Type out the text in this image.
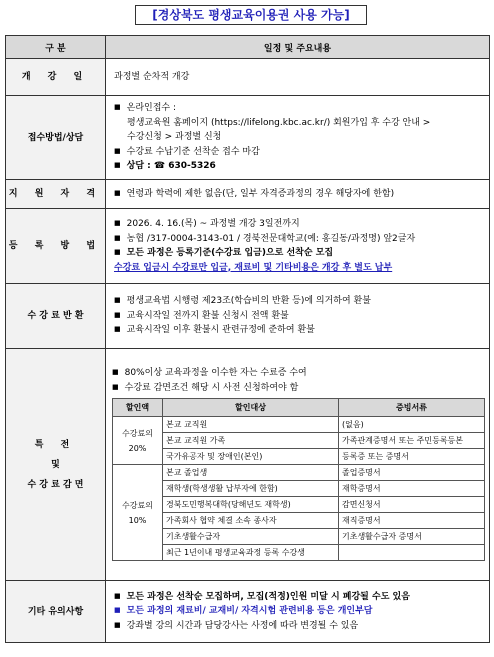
[경상북도 평생교육이용권 사용 가능]
구 분	일정 및 주요내용
개 강 일	과정별 순차적 개강

접수방법/상담	
■ 온라인접수 :
평생교육원 홈페이지 (https://lifelong.kbc.ac.kr/) 회원가입 후 수강 안내 >
수강신청 > 과정별 신청
■ 수강료 수납기준 선착순 접수 마감
■ 상담 : ☎ 630-5326

지 원 자 격	
■연령과 학력에 제한 없음(단, 일부 자격증과정의 경우 해당자에 한함)

등 록 방 법	
■ 2026. 4. 16.(목) ~ 과정별 개강 3일전까지
■ 농협 /317-0004-3143-01 / 경북전문대학교(예: 홍길동/과정명) 앞2글자
■ 모든 과정은 등록기준(수강료 입금)으로 선착순 모집
수강료 입금시 수강료만 입금, 재료비 및 기타비용은 개강 후 별도 납부

수 강 료 반 환	
■ 평생교육법 시행령 제23조(학습비의 반환 등)에 의거하여 환불
■ 교육시작일 전까지 환불 신청시 전액 환불
■ 교육시작일 이후 환불시 관련규정에 준하여 환불

특 전
및
수 강 료 감 면

■ 80%이상 교육과정을 이수한 자는 수료증 수여
■ 수강료 감면조건 해당 시 사전 신청하여야 함
할인액	할인대상	증빙서류

수강료의
20%
	본교 교직원	(없음)
본교 교직원 가족	가족관계증명서 또는 주민등록등본
국가유공자 및 장애인(본인)	등록증 또는 증명서

수강료의
10%
	본교 졸업생	졸업증명서
재학생(학생생활 납부자에 한함)	재학증명서
경북도민행복대학(당해년도 재학생)	감면신청서
가족회사 협약 체결 소속 종사자	재직증명서
기초생활수급자	기초생활수급자 증명서
최근 1년이내 평생교육과정 등록 수강생	

기타 유의사항	
■ 모든 과정은 선착순 모집하며, 모집(적정)인원 미달 시 폐강될 수도 있음
■ 모든 과정의 재료비/ 교재비/ 자격시험 관련비용 등은 개인부담
■ 강좌별 강의 시간과 담당강사는 사정에 따라 변경될 수 있음
